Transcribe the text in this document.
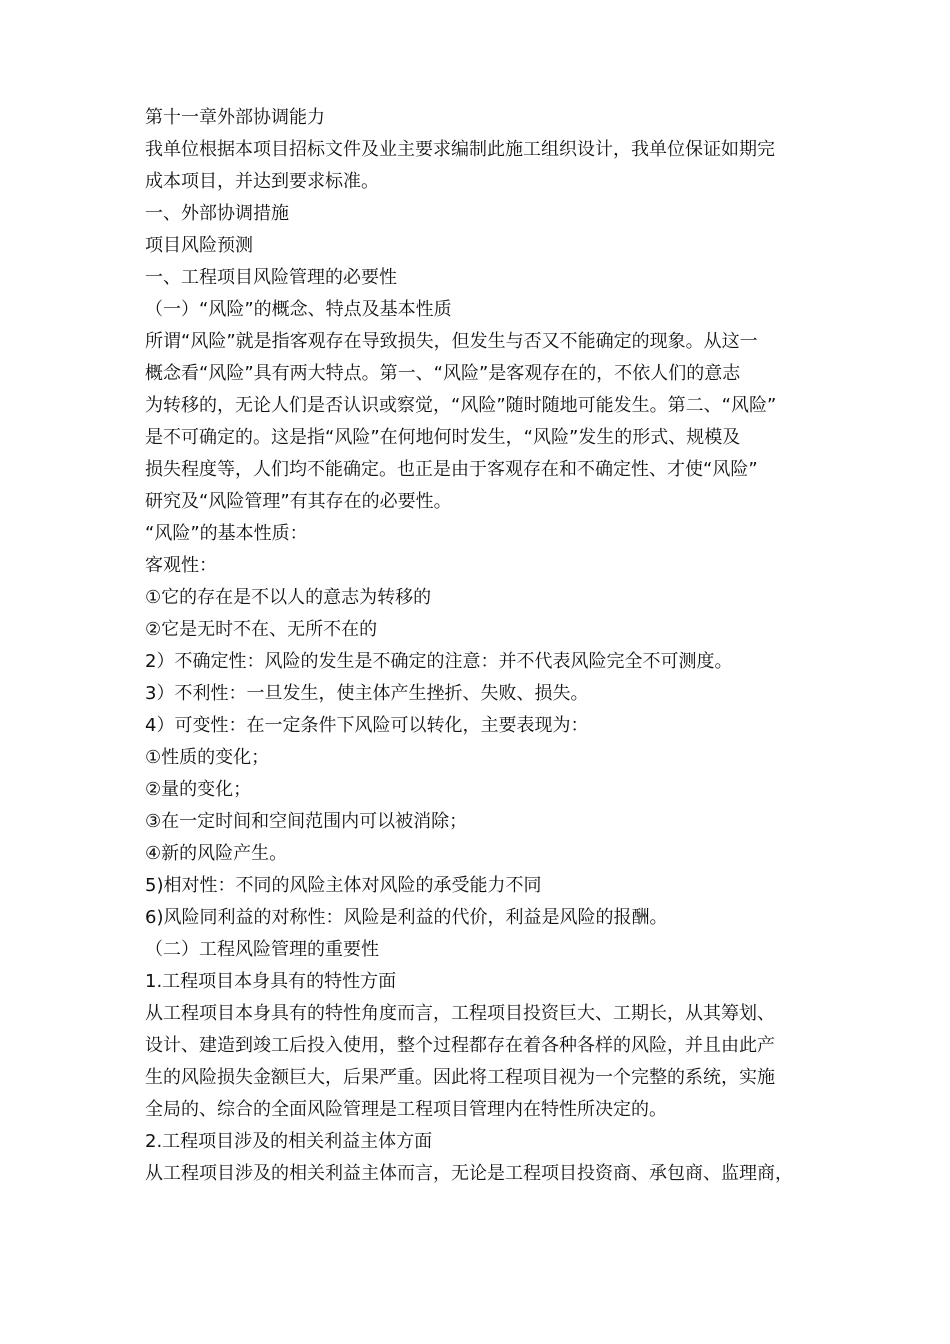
第十一章外部协调能力
我单位根据本项目招标文件及业主要求编制此施工组织设计，我单位保证如期完
成本项目，并达到要求标准。
一、外部协调措施
项目风险预测
一、工程项目风险管理的必要性
（一）“风险”的概念、特点及基本性质
所谓“风险”就是指客观存在导致损失，但发生与否又不能确定的现象。从这一
概念看“风险”具有两大特点。第一、“风险”是客观存在的，不依人们的意志
为转移的，无论人们是否认识或察觉，“风险”随时随地可能发生。第二、“风险”
是不可确定的。这是指“风险”在何地何时发生，“风险”发生的形式、规模及
损失程度等，人们均不能确定。也正是由于客观存在和不确定性、才使“风险”
研究及“风险管理”有其存在的必要性。
“风险”的基本性质：
客观性：
①它的存在是不以人的意志为转移的
②它是无时不在、无所不在的
2）不确定性：风险的发生是不确定的注意：并不代表风险完全不可测度。
3）不利性：一旦发生，使主体产生挫折、失败、损失。
4）可变性：在一定条件下风险可以转化，主要表现为：
①性质的变化；
②量的变化；
③在一定时间和空间范围内可以被消除；
④新的风险产生。
5)相对性：不同的风险主体对风险的承受能力不同
6)风险同利益的对称性：风险是利益的代价，利益是风险的报酬。
（二）工程风险管理的重要性
1.工程项目本身具有的特性方面
从工程项目本身具有的特性角度而言，工程项目投资巨大、工期长，从其筹划、
设计、建造到竣工后投入使用，整个过程都存在着各种各样的风险，并且由此产
生的风险损失金额巨大，后果严重。因此将工程项目视为一个完整的系统，实施
全局的、综合的全面风险管理是工程项目管理内在特性所决定的。
2.工程项目涉及的相关利益主体方面
从工程项目涉及的相关利益主体而言，无论是工程项目投资商、承包商、监理商，
